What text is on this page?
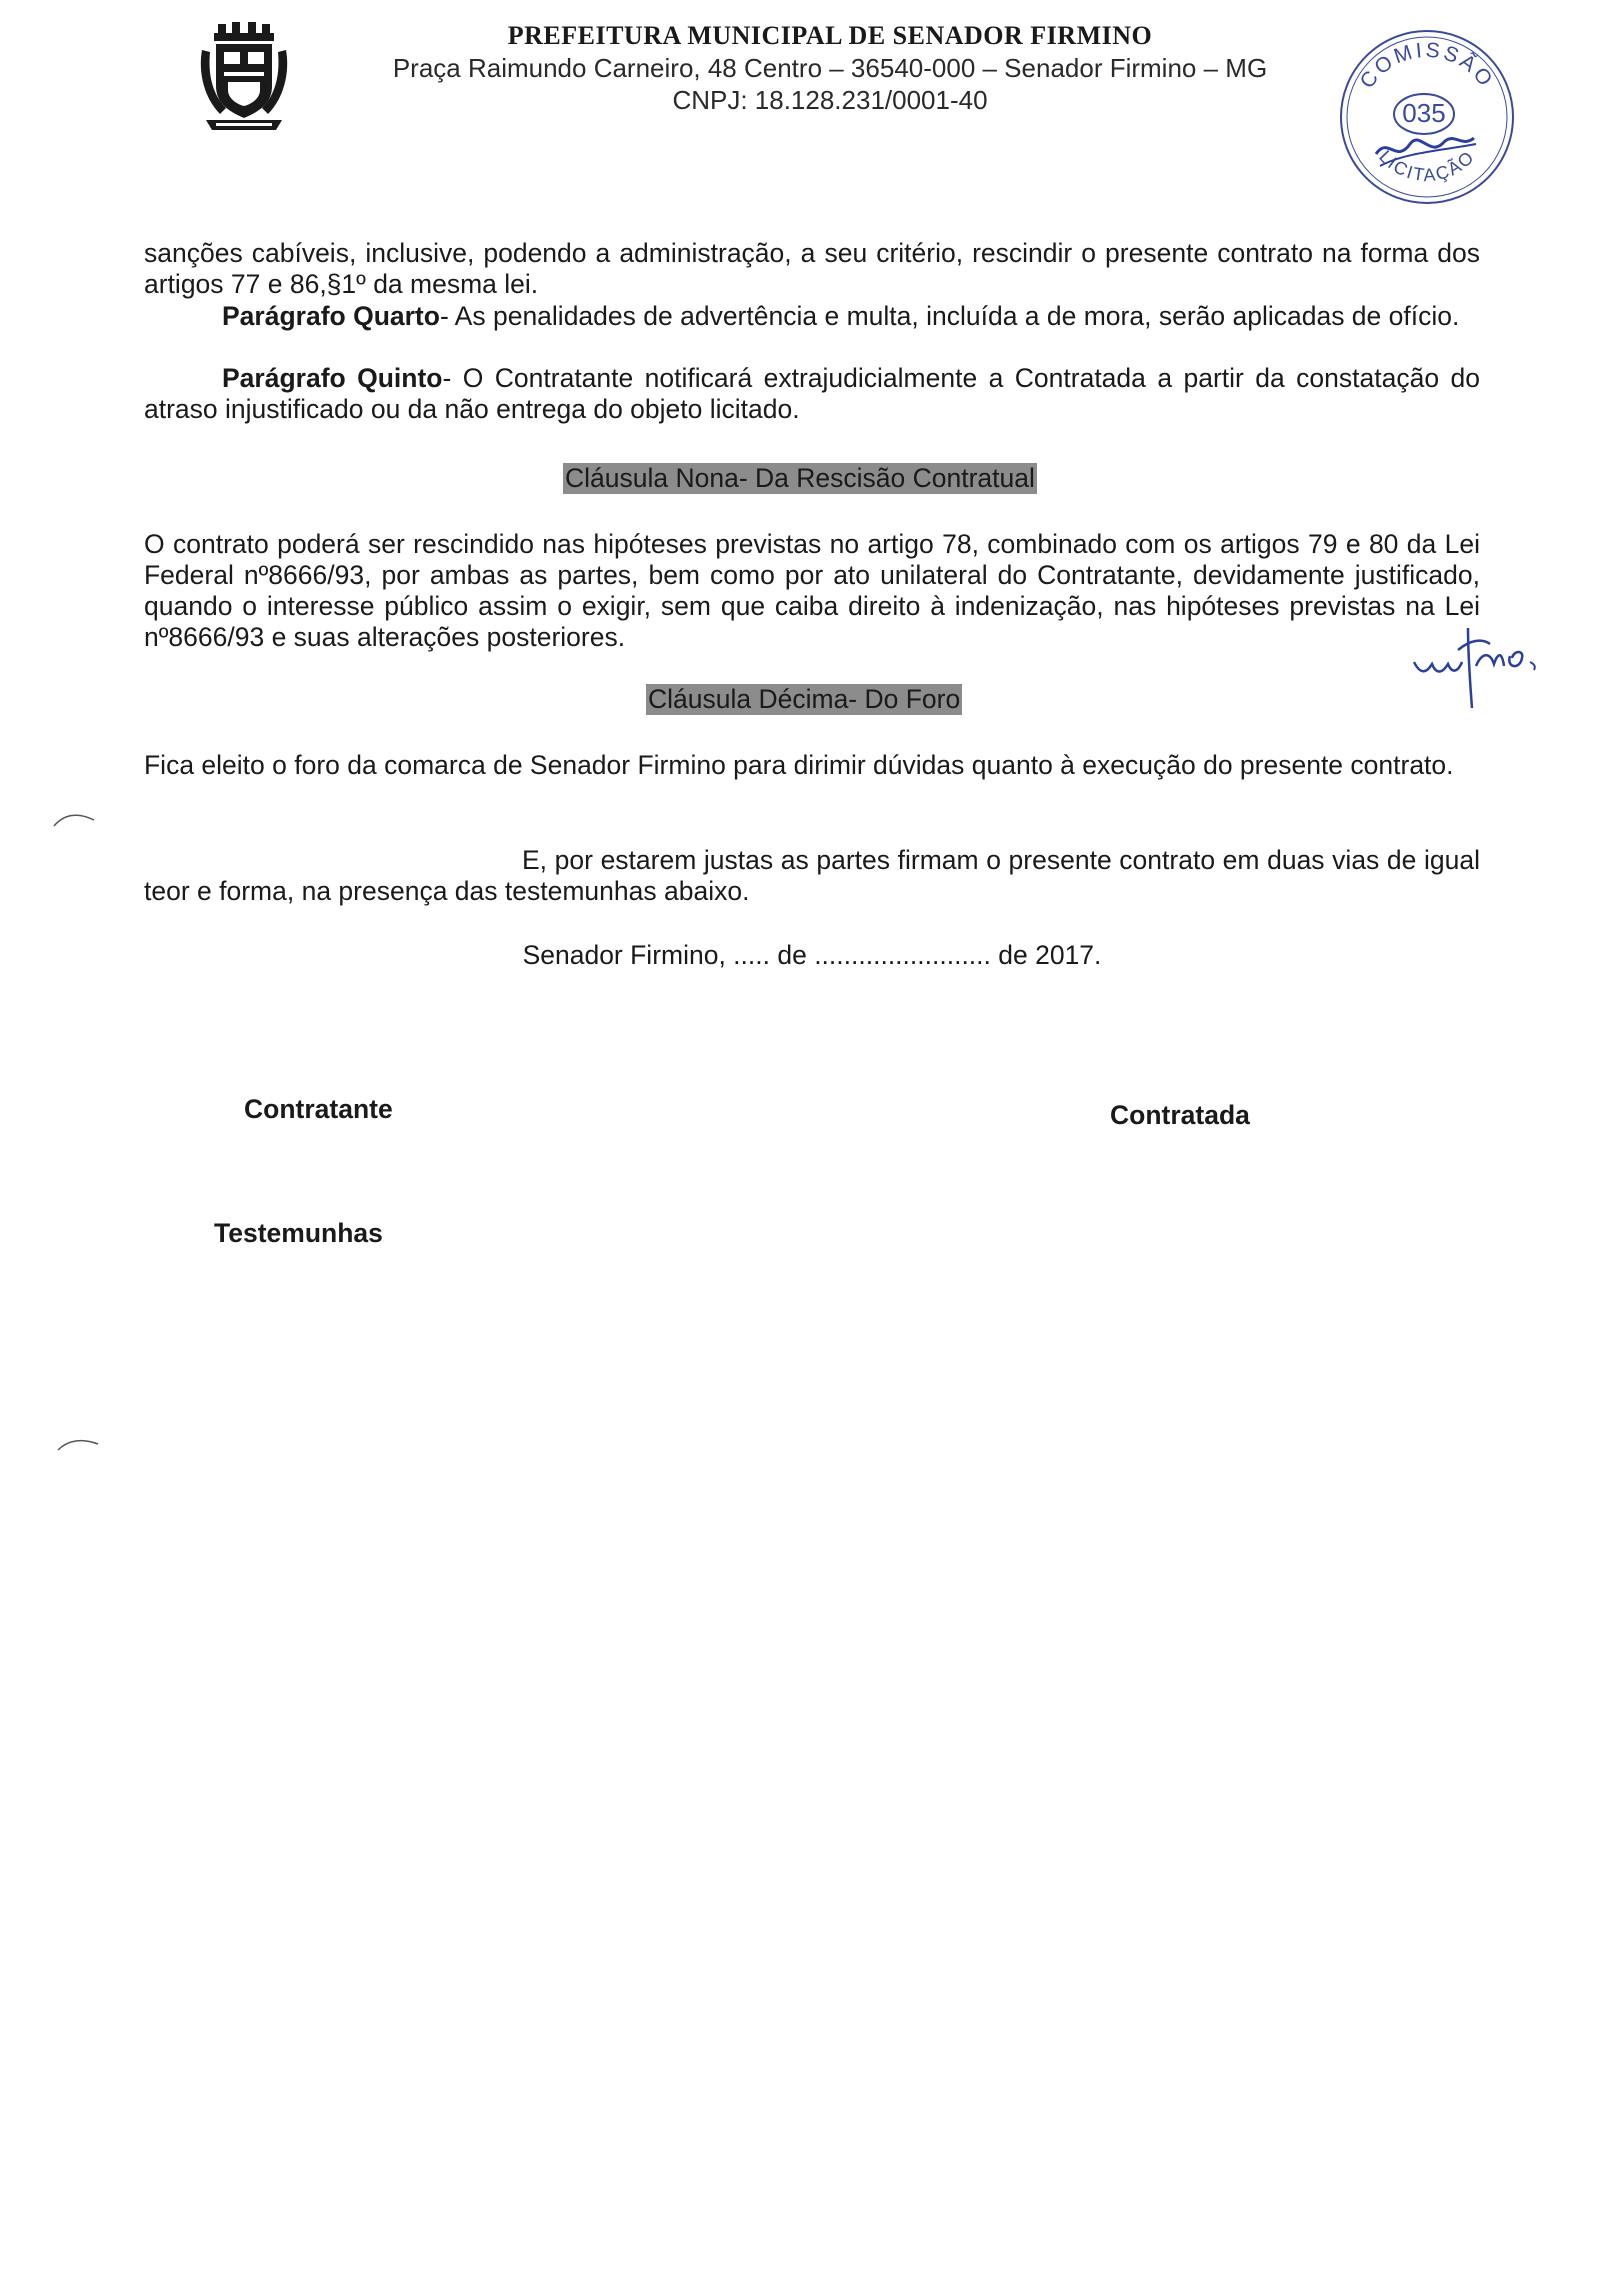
PREFEITURA MUNICIPAL DE SENADOR FIRMINO
Praça Raimundo Carneiro, 48 Centro – 36540-000 – Senador Firmino – MG
CNPJ: 18.128.231/0001-40
COMISSÃO
LICITAÇÃO
035
sanções cabíveis, inclusive, podendo a administração, a seu critério, rescindir o presente contrato na forma dos artigos 77 e 86,§1º da mesma lei.
Parágrafo Quarto- As penalidades de advertência e multa, incluída a de mora, serão aplicadas de ofício.
Parágrafo Quinto- O Contratante notificará extrajudicialmente a Contratada a partir da constatação do atraso injustificado ou da não entrega do objeto licitado.
Cláusula Nona- Da Rescisão Contratual
O contrato poderá ser rescindido nas hipóteses previstas no artigo 78, combinado com os artigos 79 e 80 da Lei Federal nº8666/93, por ambas as partes, bem como por ato unilateral do Contratante, devidamente justificado, quando o interesse público assim o exigir, sem que caiba direito à indenização, nas hipóteses previstas na Lei nº8666/93 e suas alterações posteriores.
Cláusula Décima- Do Foro
Fica eleito o foro da comarca de Senador Firmino para dirimir dúvidas quanto à execução do presente contrato.
E, por estarem justas as partes firmam o presente contrato em duas vias de igual teor e forma, na presença das testemunhas abaixo.
Senador Firmino, ..... de ........................ de 2017.
Contratante	Contratada
Testemunhas
